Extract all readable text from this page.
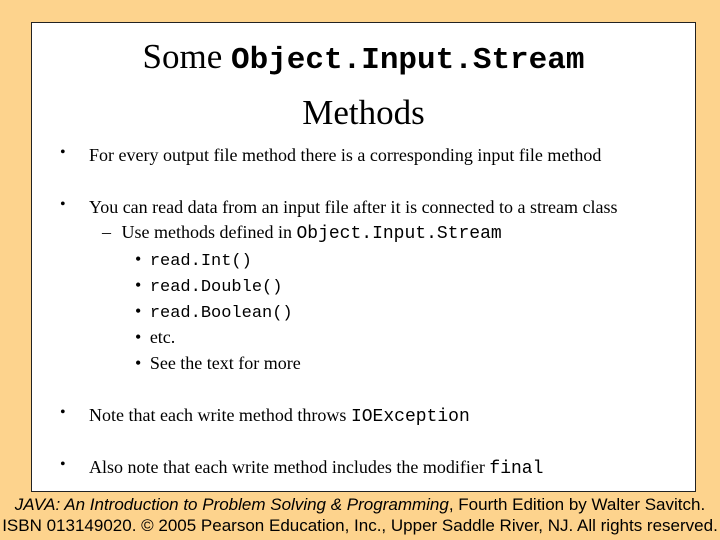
Some Object.Input.Stream
Methods
• For every output file method there is a corresponding input file method
• You can read data from an input file after it is connected to a stream class
– Use methods defined in Object.Input.Stream
• read.Int()
• read.Double()
• read.Boolean()
• etc.
• See the text for more
• Note that each write method throws IOException
• Also note that each write method includes the modifier final
JAVA: An Introduction to Problem Solving & Programming, Fourth Edition by Walter Savitch.
ISBN 013149020. © 2005 Pearson Education, Inc., Upper Saddle River, NJ. All rights reserved.
